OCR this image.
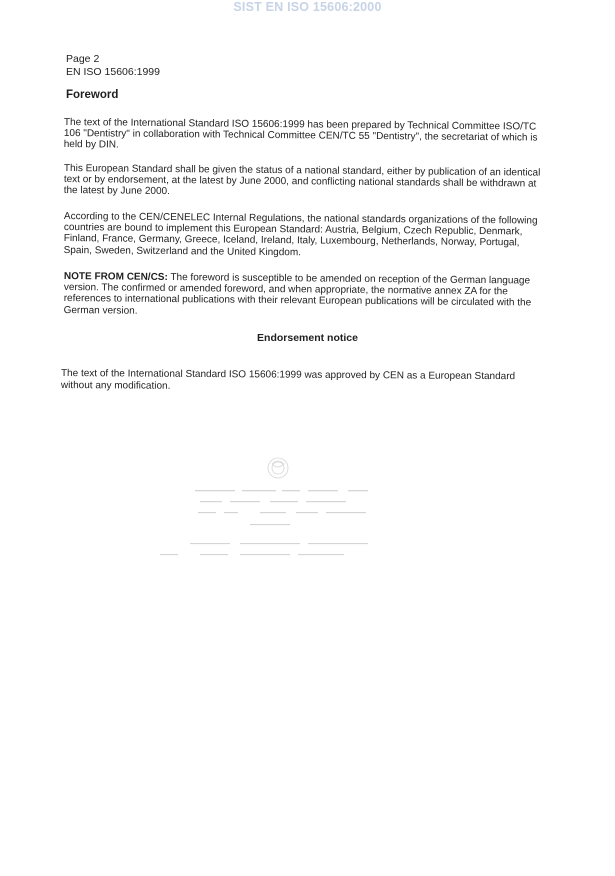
SIST EN ISO 15606:2000
Page 2
EN ISO 15606:1999
Foreword
The text of the International Standard ISO 15606:1999 has been prepared by Technical Committee ISO/TC 106 "Dentistry" in collaboration with Technical Committee CEN/TC 55 "Dentistry", the secretariat of which is held by DIN.
This European Standard shall be given the status of a national standard, either by publication of an identical text or by endorsement, at the latest by June 2000, and conflicting national standards shall be withdrawn at the latest by June 2000.
According to the CEN/CENELEC Internal Regulations, the national standards organizations of the following countries are bound to implement this European Standard: Austria, Belgium, Czech Republic, Denmark, Finland, France, Germany, Greece, Iceland, Ireland, Italy, Luxembourg, Netherlands, Norway, Portugal, Spain, Sweden, Switzerland and the United Kingdom.
NOTE FROM CEN/CS: The foreword is susceptible to be amended on reception of the German language version. The confirmed or amended foreword, and when appropriate, the normative annex ZA for the references to international publications with their relevant European publications will be circulated with the German version.
Endorsement notice
The text of the International Standard ISO 15606:1999 was approved by CEN as a European Standard without any modification.
